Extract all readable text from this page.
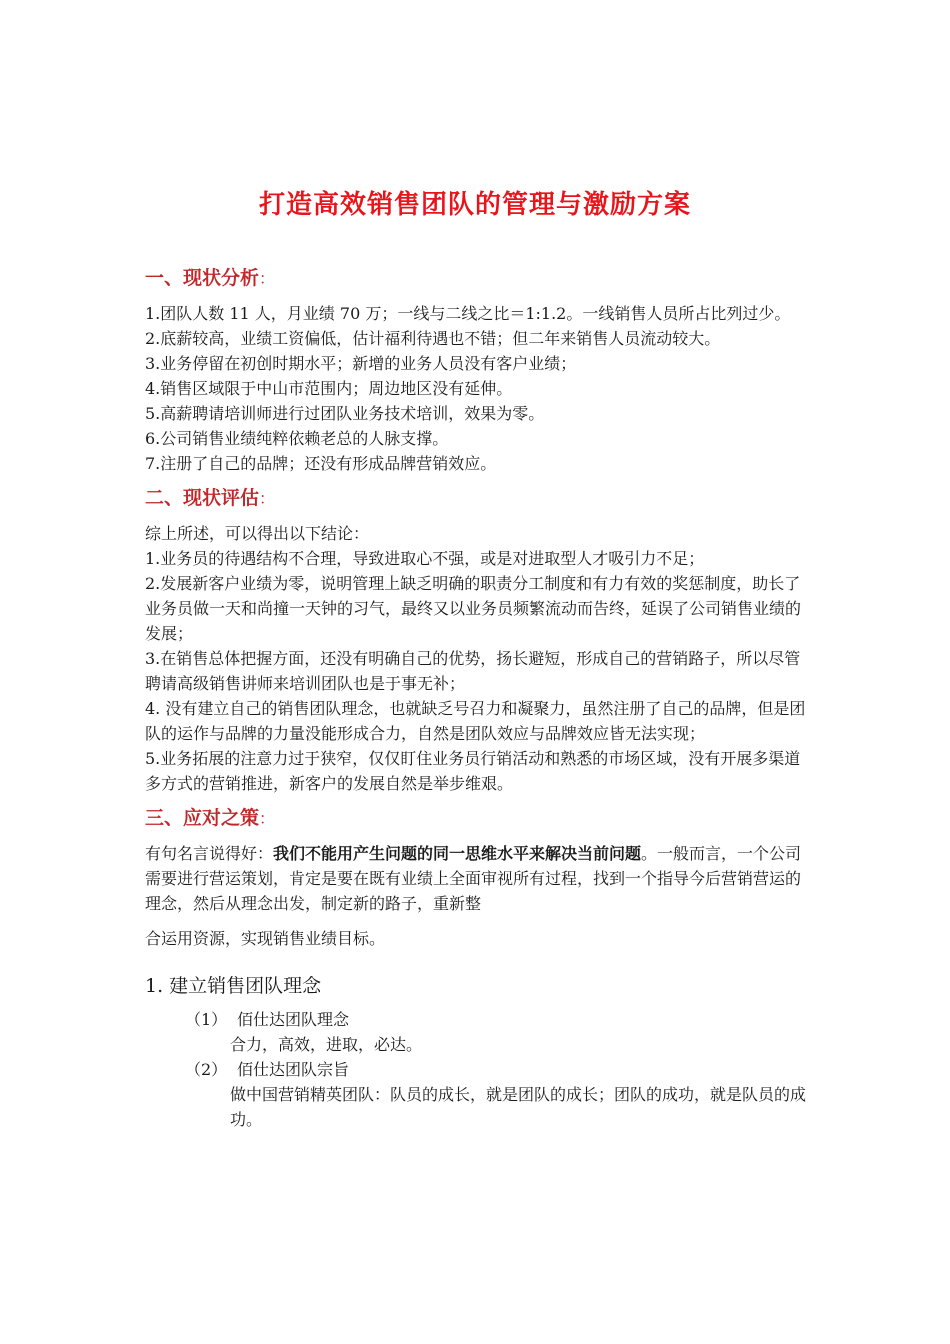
打造高效销售团队的管理与激励方案
一、现状分析：

1.团队人数 11 人，月业绩 70 万；一线与二线之比＝1:1.2。一线销售人员所占比列过少。

2.底薪较高，业绩工资偏低，估计福利待遇也不错；但二年来销售人员流动较大。

3.业务停留在初创时期水平；新增的业务人员没有客户业绩；

4.销售区域限于中山市范围内；周边地区没有延伸。

5.高薪聘请培训师进行过团队业务技术培训，效果为零。

6.公司销售业绩纯粹依赖老总的人脉支撑。

7.注册了自己的品牌；还没有形成品牌营销效应。

二、现状评估：

综上所述，可以得出以下结论：

1.业务员的待遇结构不合理，导致进取心不强，或是对进取型人才吸引力不足；

2.发展新客户业绩为零，说明管理上缺乏明确的职责分工制度和有力有效的奖惩制度，助长了业务员做一天和尚撞一天钟的习气，最终又以业务员频繁流动而告终，延误了公司销售业绩的发展；

3.在销售总体把握方面，还没有明确自己的优势，扬长避短，形成自己的营销路子，所以尽管聘请高级销售讲师来培训团队也是于事无补；

4. 没有建立自己的销售团队理念，也就缺乏号召力和凝聚力，虽然注册了自己的品牌，但是团队的运作与品牌的力量没能形成合力，自然是团队效应与品牌效应皆无法实现；

5.业务拓展的注意力过于狭窄，仅仅盯住业务员行销活动和熟悉的市场区域，没有开展多渠道多方式的营销推进，新客户的发展自然是举步维艰。

三、应对之策：

有句名言说得好：我们不能用产生问题的同一思维水平来解决当前问题。一般而言，一个公司需要进行营运策划，肯定是要在既有业绩上全面审视所有过程，找到一个指导今后营销营运的理念，然后从理念出发，制定新的路子，重新整

合运用资源，实现销售业绩目标。

1. 建立销售团队理念

（1） 佰仕达团队理念

合力，高效，进取，必达。

（2） 佰仕达团队宗旨

做中国营销精英团队：队员的成长，就是团队的成长；团队的成功，就是队员的成功。
